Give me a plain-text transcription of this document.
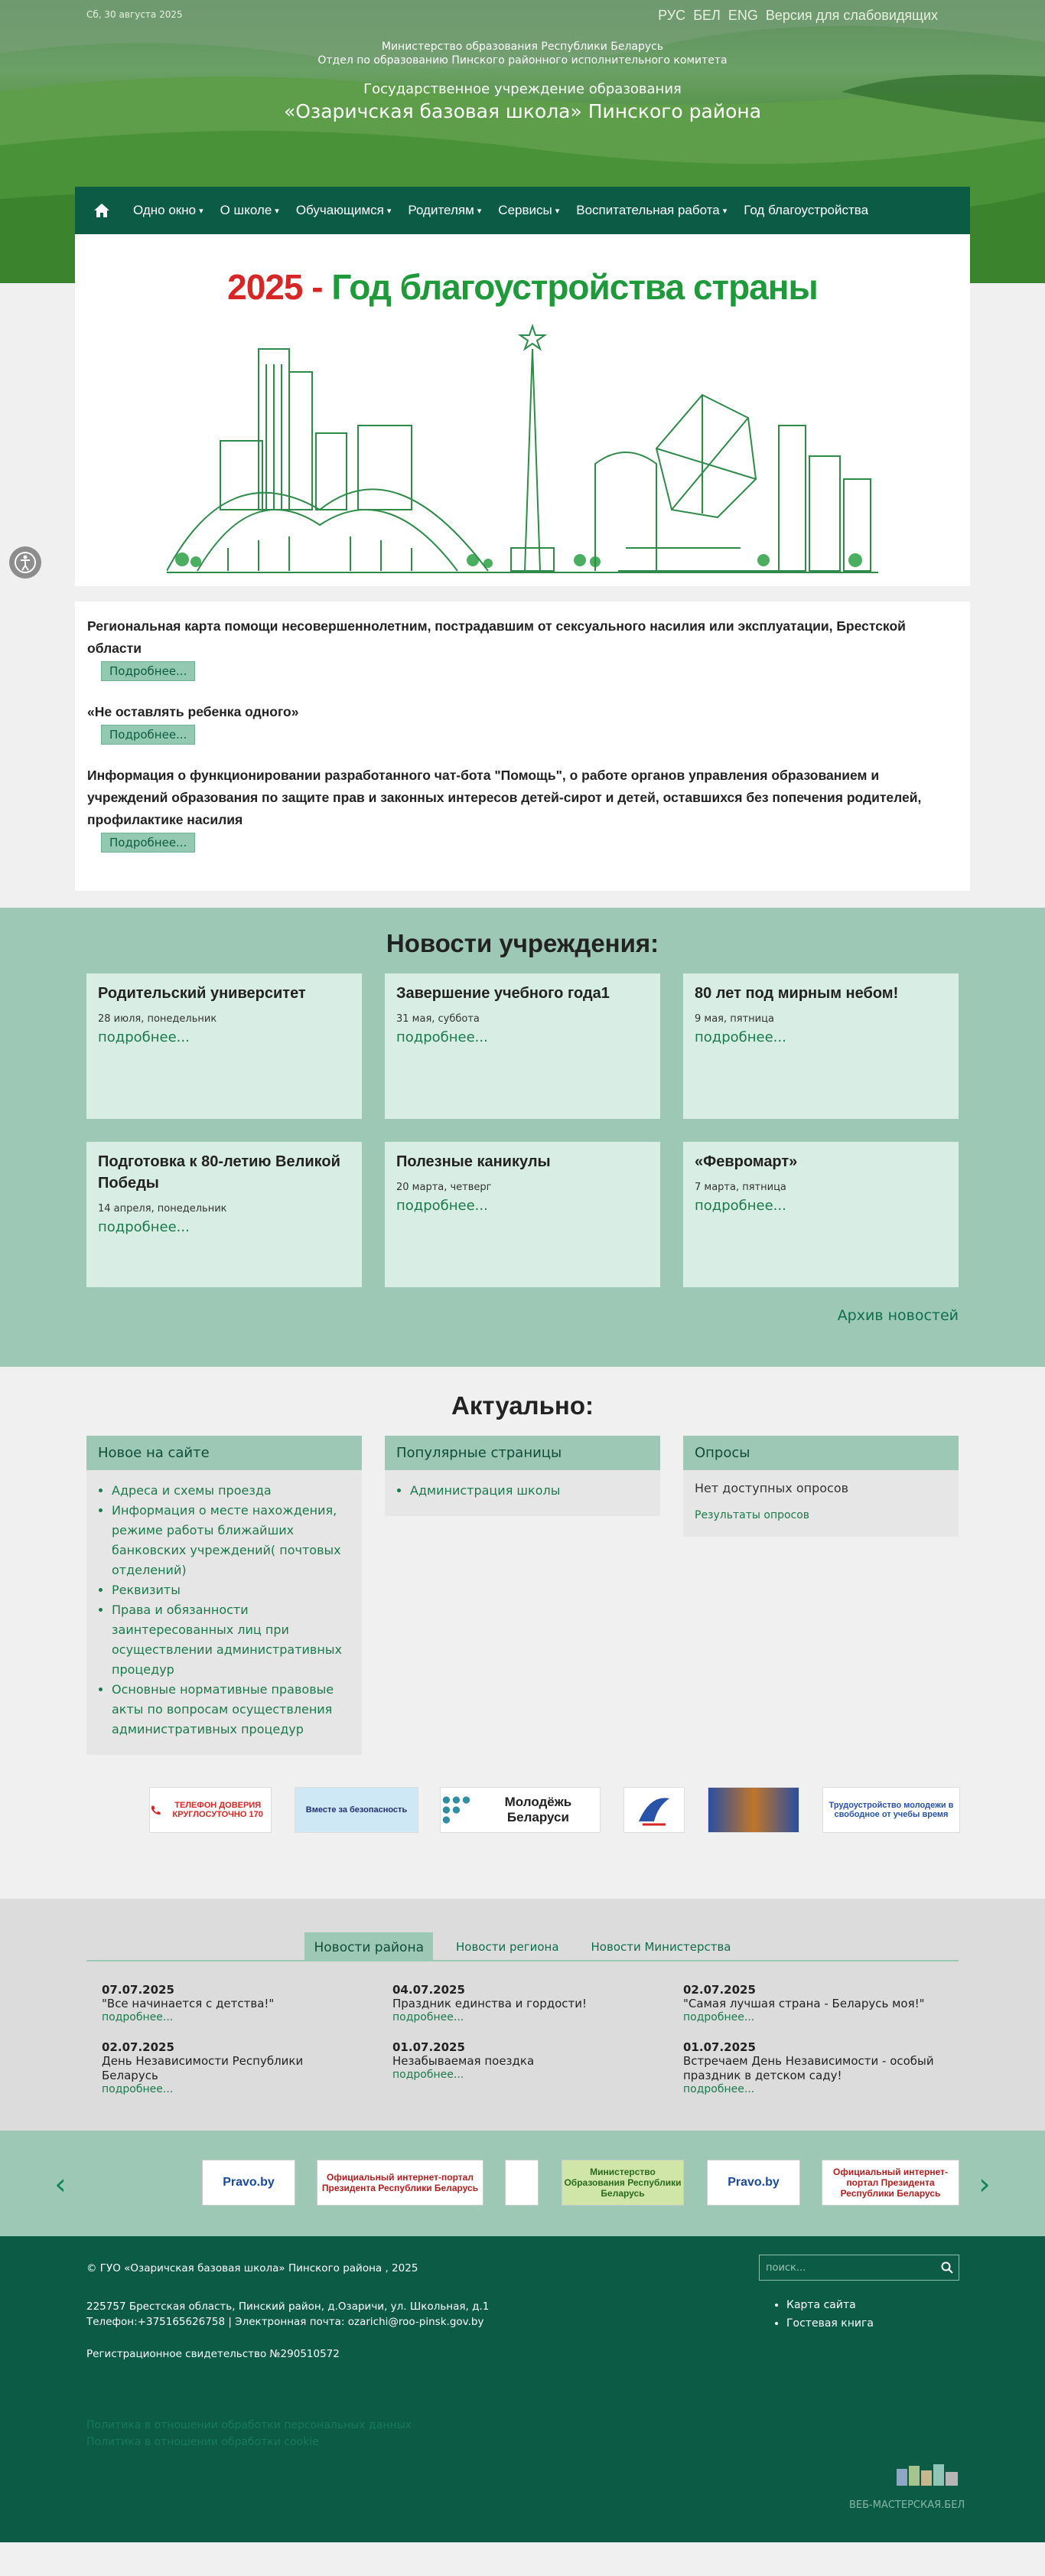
Сб, 30 августа 2025	РУС БЕЛ ENG Версия для слабовидящих
Министерство образования Республики Беларусь
Отдел по образованию Пинского районного исполнительного комитета
Государственное учреждение образования
«Озаричская базовая школа» Пинского района
Одно окно ▾ О школе ▾ Обучающимся ▾ Родителям ▾ Сервисы ▾ Воспитательная работа ▾ Год благоустройства
2025 - Год благоустройства страны

Региональная карта помощи несовершеннолетним, пострадавшим от сексуального насилия или эксплуатации, Брестской области

Подробнее...

«Не оставлять ребенка одного»

Подробнее...

Информация о функционировании разработанного чат-бота "Помощь", о работе органов управления образованием и учреждений образования по защите прав и законных интересов детей-сирот и детей, оставшихся без попечения родителей, профилактике насилия

Подробнее...
Новости учреждения:
Родительский университет
28 июля, понедельник
подробнее...
Завершение учебного года1
31 мая, суббота
подробнее...
80 лет под мирным небом!
9 мая, пятница
подробнее...
Подготовка к 80-летию Великой Победы
14 апреля, понедельник
подробнее...
Полезные каникулы
20 марта, четверг
подробнее...
«Февромарт»
7 марта, пятница
подробнее...
Архив новостей
Актуально:
Новое на сайте
• Адреса и схемы проезда
• Информация о месте нахождения, режиме работы ближайших банковских учреждений( почтовых отделений)
• Реквизиты
• Права и обязанности заинтересованных лиц при осуществлении административных процедур
• Основные нормативные правовые акты по вопросам осуществления административных процедур
Популярные страницы
• Администрация школы
Опросы
Нет доступных опросов
Результаты опросов
ТЕЛЕФОН ДОВЕРИЯ КРУГЛОСУТОЧНО 170	Вместе за безопасность
Молодёжь Беларуси
Трудоустройство молодежи в свободное от учебы время
Новости района	Новости региона	Новости Министерства
07.07.2025
"Все начинается с детства!"
подробнее...
04.07.2025
Праздник единства и гордости!
подробнее...
02.07.2025
"Самая лучшая страна - Беларусь моя!"
подробнее...
02.07.2025
День Независимости Республики Беларусь
подробнее...
01.07.2025
Незабываемая поездка
подробнее...
01.07.2025
Встречаем День Независимости - особый праздник в детском саду!
подробнее...
‹	Pravo.by	Официальный интернет-портал Президента Республики Беларусь
Министерство Образования Республики Беларусь
Pravo.by
Официальный интернет-портал Президента Республики Беларусь	›
© ГУО «Озаричская базовая школа» Пинского района , 2025
225757 Брестская область, Пинский район, д.Озаричи, ул. Школьная, д.1
Телефон:+375165626758 | Электронная почта: ozarichi@roo-pinsk.gov.by
Регистрационное свидетельство №290510572
Политика в отношении обработки персональных данных
Политика в отношении обработки cookie
поиск...
• Карта сайта
• Гостевая книга
ВЕБ-МАСТЕРСКАЯ.БЕЛ
